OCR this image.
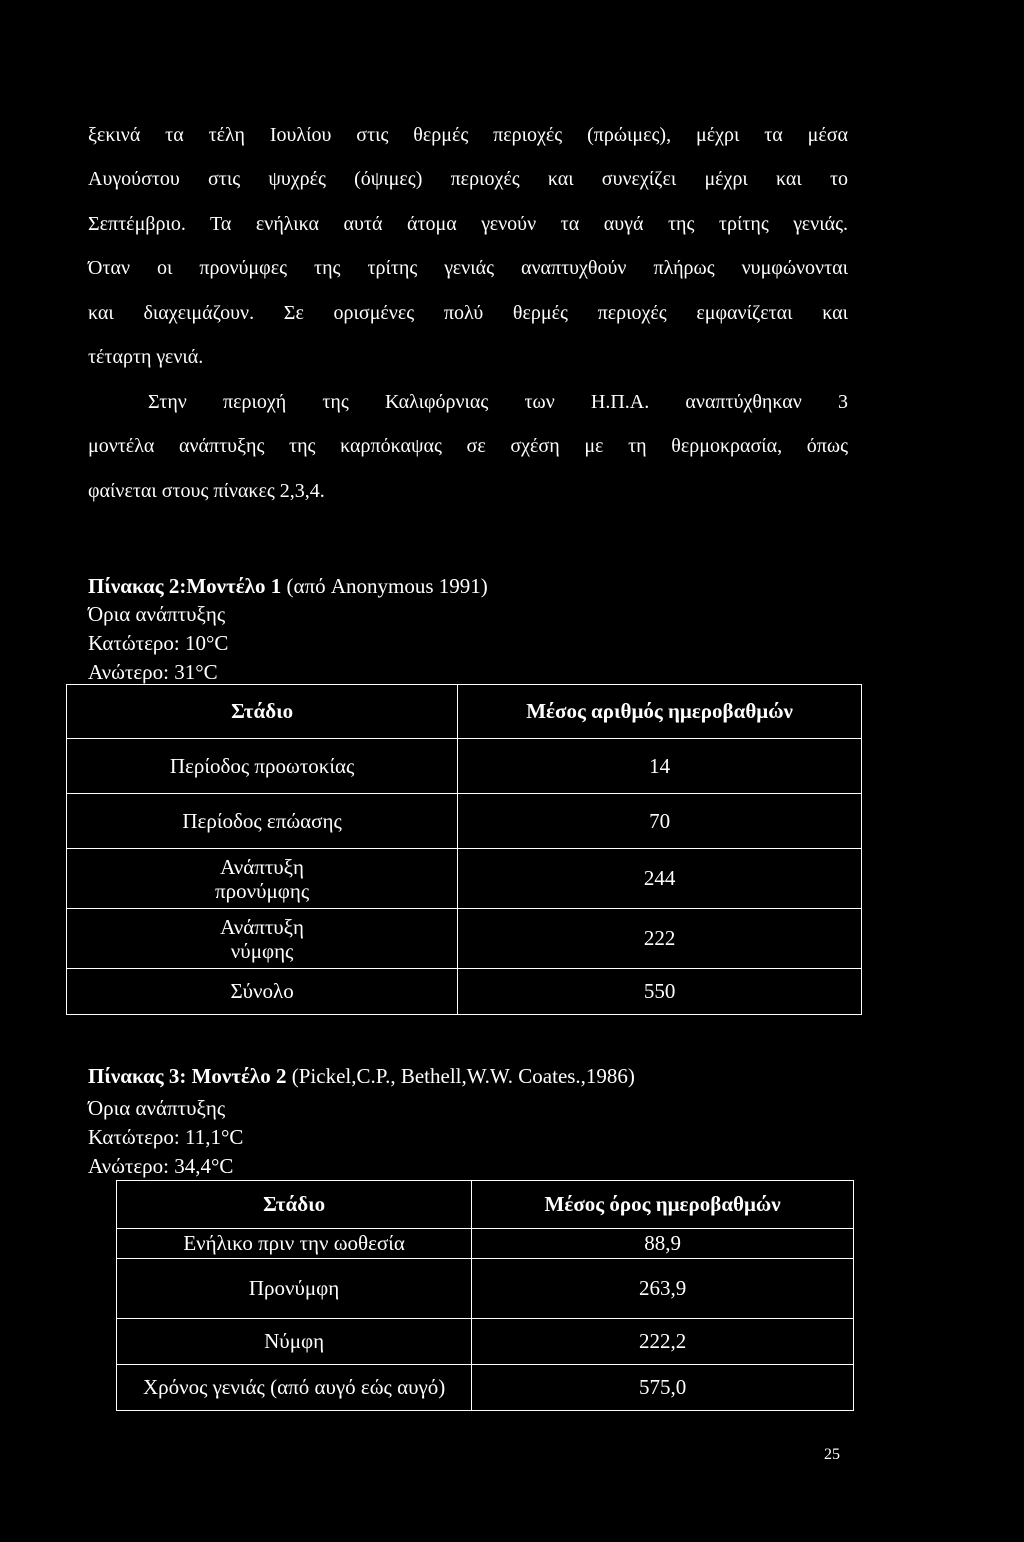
ξεκινά τα τέλη Ιουλίου στις θερμές περιοχές (πρώιμες), μέχρι τα μέσα
Αυγούστου στις ψυχρές (όψιμες) περιοχές και συνεχίζει μέχρι και το
Σεπτέμβριο. Τα ενήλικα αυτά άτομα γενούν τα αυγά της τρίτης γενιάς.
Όταν οι προνύμφες της τρίτης γενιάς αναπτυχθούν πλήρως νυμφώνονται
και διαχειμάζουν. Σε ορισμένες πολύ θερμές περιοχές εμφανίζεται και
τέταρτη γενιά.
Στην περιοχή της Καλιφόρνιας των Η.Π.Α. αναπτύχθηκαν 3
μοντέλα ανάπτυξης της καρπόκαψας σε σχέση με τη θερμοκρασία, όπως
φαίνεται στους πίνακες 2,3,4.
Πίνακας 2:Μοντέλο 1 (από Anonymous 1991)
Όρια ανάπτυξης
Κατώτερο: 10°C
Ανώτερο: 31°C
Στάδιο	Μέσος αριθμός ημεροβαθμών
Περίοδος προωτοκίας	14
Περίοδος επώασης	70

Ανάπτυξη
προνύμφης	244

Ανάπτυξη
νύμφης	222
Σύνολο	550
Πίνακας 3: Μοντέλο 2 (Pickel,C.P., Bethell,W.W. Coates.,1986)
Όρια ανάπτυξης
Κατώτερο: 11,1°C
Ανώτερο: 34,4°C
Στάδιο	Μέσος όρος ημεροβαθμών
Ενήλικο πριν την ωοθεσία	88,9
Προνύμφη	263,9
Νύμφη	222,2
Χρόνος γενιάς (από αυγό εώς αυγό)	575,0
25
